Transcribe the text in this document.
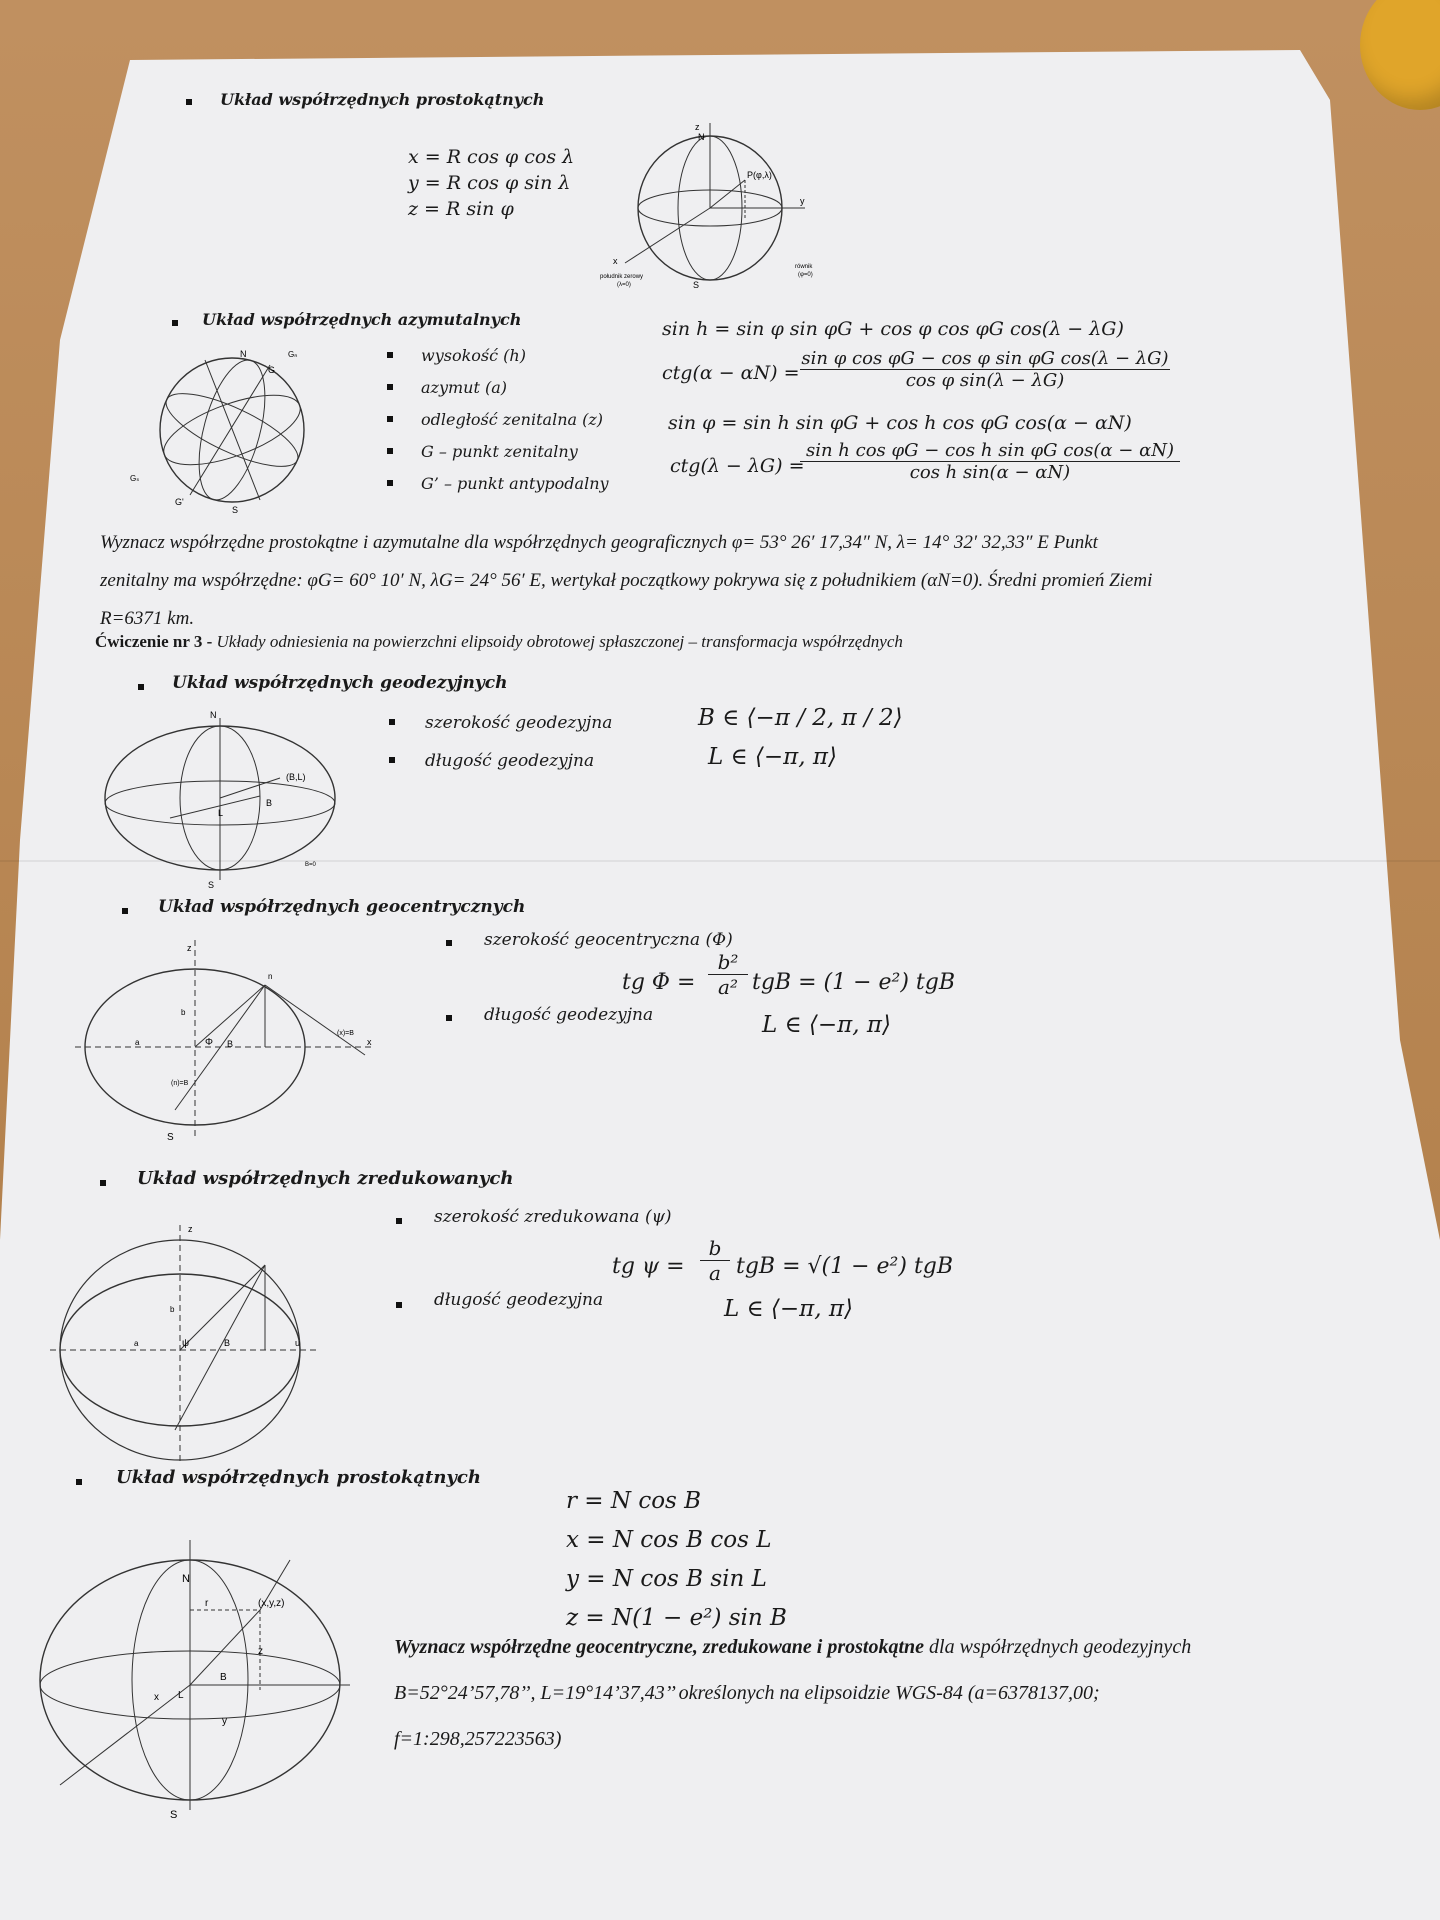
Układ współrzędnych prostokątnych
x = R cos φ cos λ
y = R cos φ sin λ
z = R sin φ
z
N
y
x
P(φ,λ)
S
południk zerowy
(λ=0)
równik
(φ=0)
Układ współrzędnych azymutalnych
N
S
G
G'
Gₙ
Gₛ
wysokość (h)
azymut (a)
odległość zenitalna (z)
G – punkt zenitalny
G’ – punkt antypodalny
sin h = sin φ sin φG + cos φ cos φG cos(λ − λG)
ctg(α − αN) =
sin φ cos φG − cos φ sin φG cos(λ − λG)
cos φ sin(λ − λG)
sin φ = sin h sin φG + cos h cos φG cos(α − αN)
ctg(λ − λG) =
sin h cos φG − cos h sin φG cos(α − αN)
cos h sin(α − αN)
Wyznacz współrzędne prostokątne i azymutalne dla współrzędnych geograficznych φ= 53° 26′ 17,34″ N, λ= 14° 32′ 32,33″ E Punkt
zenitalny ma współrzędne: φG= 60° 10′ N, λG= 24° 56′ E, wertykał początkowy pokrywa się z południkiem (αN=0). Średni promień Ziemi
R=6371 km.
Ćwiczenie nr 3 - Układy odniesienia na powierzchni elipsoidy obrotowej spłaszczonej – transformacja współrzędnych
Układ współrzędnych geodezyjnych
N
S
(B,L)
B
L
B=0
szerokość geodezyjna
długość geodezyjna
B ∈ ⟨−π / 2, π / 2⟩
L ∈ ⟨−π, π⟩
Układ współrzędnych geocentrycznych
z
x
S
Φ B
n
a
b
(x)=B
(n)=B
szerokość geocentryczna (Φ)
długość geodezyjna
tg Φ =
b²
a² tgB = (1 − e²) tgB
L ∈ ⟨−π, π⟩
Układ współrzędnych zredukowanych
z
u
ψ	B
a
b
szerokość zredukowana (ψ)
długość geodezyjna
tg ψ =
b
a tgB = √(1 − e²) tgB
L ∈ ⟨−π, π⟩
Układ współrzędnych prostokątnych
r = N cos B
x = N cos B cos L
y = N cos B sin L
z = N(1 − e²) sin B
N
S
r	(x,y,z)
z
y
x
B
L
Wyznacz współrzędne geocentryczne, zredukowane i prostokątne dla współrzędnych geodezyjnych
B=52°24’57,78’’, L=19°14’37,43’’ określonych na elipsoidzie WGS-84 (a=6378137,00;
f=1:298,257223563)
